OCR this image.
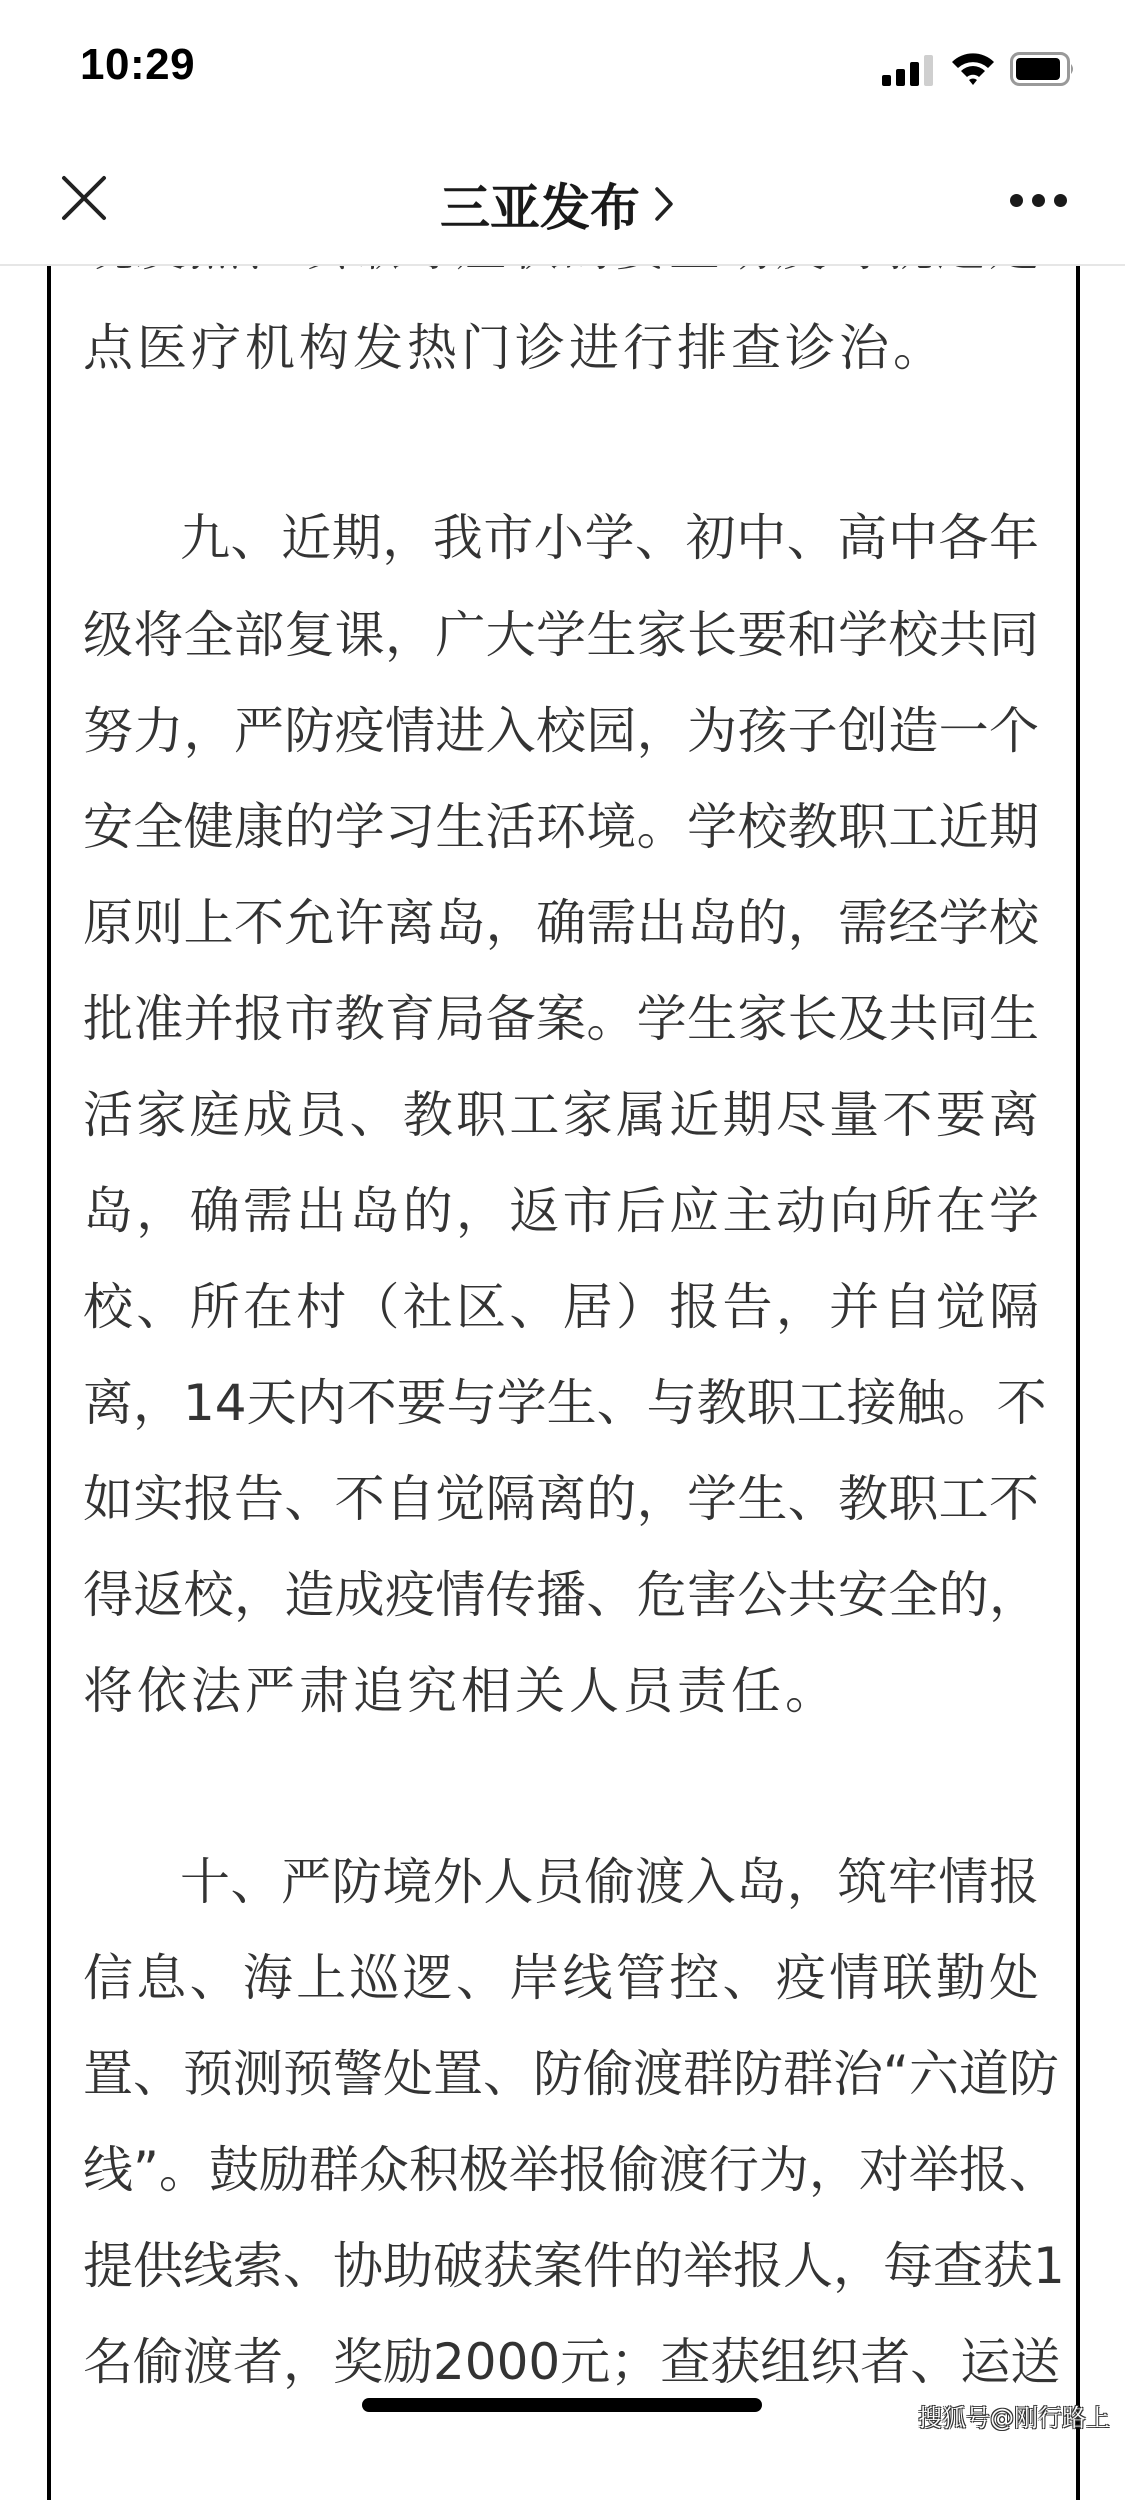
点医疗机构发热门诊进行排查诊治。
九、近期，我市小学、初中、高中各年
级将全部复课，广大学生家长要和学校共同
努力，严防疫情进入校园，为孩子创造一个
安全健康的学习生活环境。学校教职工近期
原则上不允许离岛，确需出岛的，需经学校
批准并报市教育局备案。学生家长及共同生
活家庭成员、教职工家属近期尽量不要离
岛，确需出岛的，返市后应主动向所在学
校、所在村（社区、居）报告，并自觉隔
离，14天内不要与学生、与教职工接触。不
如实报告、不自觉隔离的，学生、教职工不
得返校，造成疫情传播、危害公共安全的，
将依法严肃追究相关人员责任。
十、严防境外人员偷渡入岛，筑牢情报
信息、海上巡逻、岸线管控、疫情联勤处
置、预测预警处置、防偷渡群防群治“六道防
线”。鼓励群众积极举报偷渡行为，对举报、
提供线索、协助破获案件的举报人，每查获1
名偷渡者，奖励2000元；查获组织者、运送
10:29
三亚发布
搜狐号@刚行路上
